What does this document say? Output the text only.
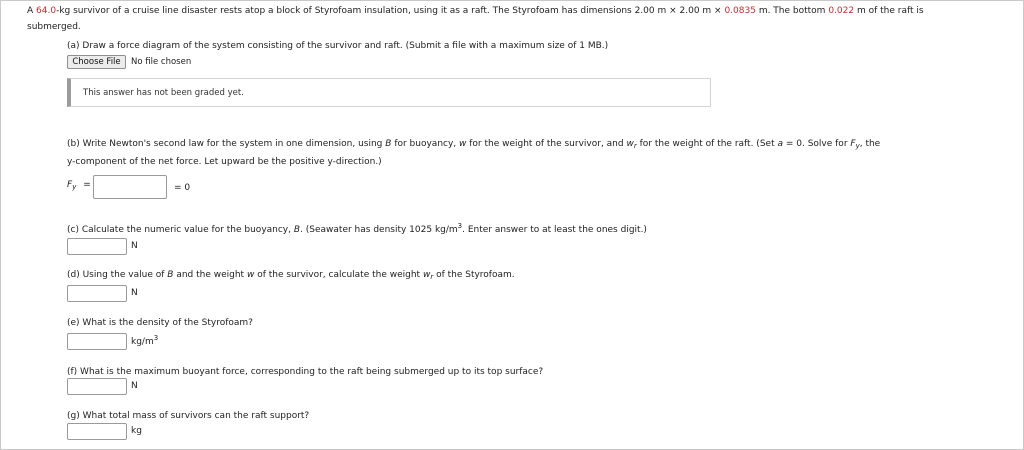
A 64.0-kg survivor of a cruise line disaster rests atop a block of Styrofoam insulation, using it as a raft. The Styrofoam has dimensions 2.00 m × 2.00 m × 0.0835 m. The bottom 0.022 m of the raft is
submerged.
(a) Draw a force diagram of the system consisting of the survivor and raft. (Submit a file with a maximum size of 1 MB.)
Choose File	No file chosen
This answer has not been graded yet.
(b) Write Newton's second law for the system in one dimension, using B for buoyancy, w for the weight of the survivor, and $w_r$ for the weight of the raft. (Set a = 0. Solve for $F_y$, the
y-component of the net force. Let upward be the positive y-direction.)
$F_y$ =	= 0
(c) Calculate the numeric value for the buoyancy, B. (Seawater has density 1025 $kg/m^3$. Enter answer to at least the ones digit.)
N
(d) Using the value of B and the weight w of the survivor, calculate the weight $w_r$ of the Styrofoam.
N
(e) What is the density of the Styrofoam?
$kg/m^3$
(f) What is the maximum buoyant force, corresponding to the raft being submerged up to its top surface?
N
(g) What total mass of survivors can the raft support?
kg
